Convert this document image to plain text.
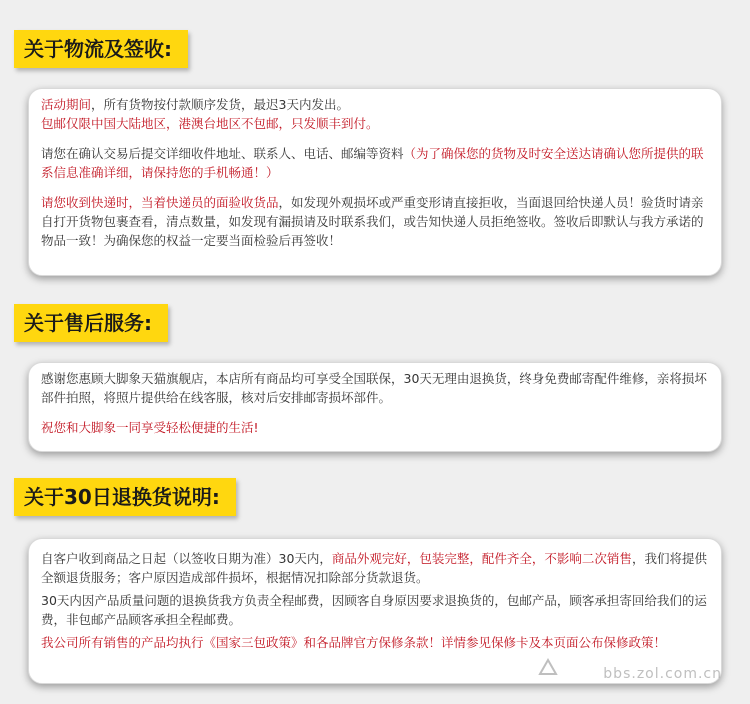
关于物流及签收:

活动期间，所有货物按付款顺序发货，最迟3天内发出。

包邮仅限中国大陆地区，港澳台地区不包邮，只发顺丰到付。

请您在确认交易后提交详细收件地址、联系人、电话、邮编等资料（为了确保您的货物及时安全送达请确认您所提供的联系信息准确详细，请保持您的手机畅通！）

请您收到快递时，当着快递员的面验收货品，如发现外观损坏或严重变形请直接拒收，当面退回给快递人员！验货时请亲自打开货物包裹查看，清点数量，如发现有漏损请及时联系我们，或告知快递人员拒绝签收。签收后即默认与我方承诺的物品一致！为确保您的权益一定要当面检验后再签收！

关于售后服务:

感谢您惠顾大脚象天猫旗舰店，本店所有商品均可享受全国联保，30天无理由退换货，终身免费邮寄配件维修，亲将损坏部件拍照，将照片提供给在线客服，核对后安排邮寄损坏部件。

祝您和大脚象一同享受轻松便捷的生活!

关于30日退换货说明:

自客户收到商品之日起（以签收日期为准）30天内，商品外观完好，包装完整，配件齐全，不影响二次销售，我们将提供全额退货服务；客户原因造成部件损坏，根据情况扣除部分货款退货。

30天内因产品质量问题的退换货我方负责全程邮费，因顾客自身原因要求退换货的，包邮产品，顾客承担寄回给我们的运费，非包邮产品顾客承担全程邮费。

我公司所有销售的产品均执行《国家三包政策》和各品牌官方保修条款！详情参见保修卡及本页面公布保修政策！

bbs.zol.com.cn
